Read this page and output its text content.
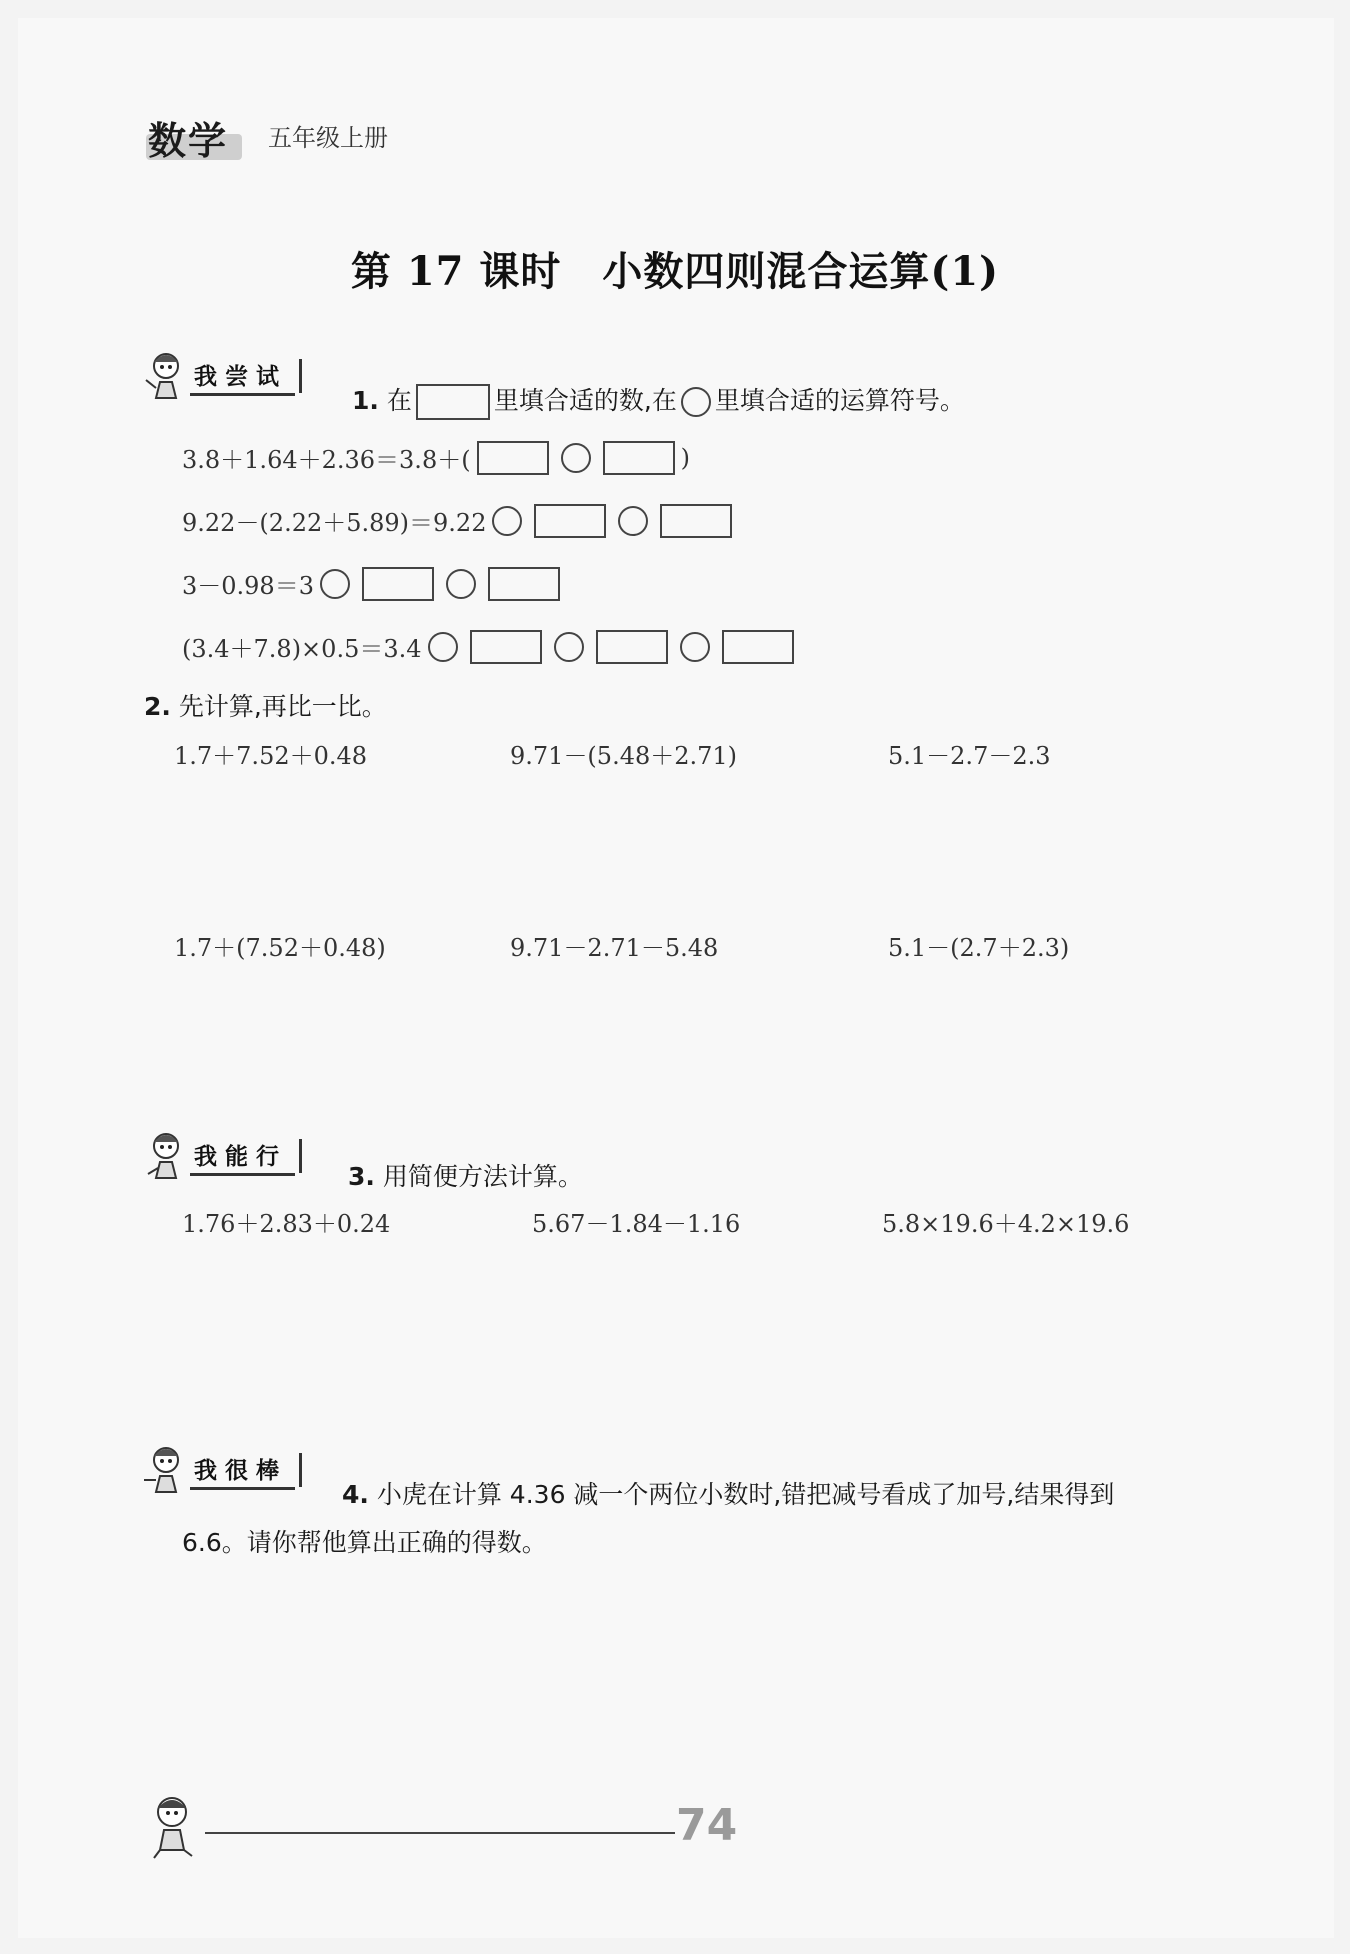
数学 五年级上册
第 17 课时　小数四则混合运算(1)
我尝试
1. 在	里填合适的数,在 里填合适的运算符号。
3.8＋1.64＋2.36＝3.8＋(	)
9.22－(2.22＋5.89)＝9.22
3－0.98＝3
(3.4＋7.8)×0.5＝3.4
2. 先计算,再比一比。
1.7＋7.52＋0.48	9.71－(5.48＋2.71)	5.1－2.7－2.3
1.7＋(7.52＋0.48)	9.71－2.71－5.48	5.1－(2.7＋2.3)
我能行
3. 用简便方法计算。
1.76＋2.83＋0.24	5.67－1.84－1.16	5.8×19.6＋4.2×19.6
我很棒
4. 小虎在计算 4.36 减一个两位小数时,错把减号看成了加号,结果得到
6.6。请你帮他算出正确的得数。
74
